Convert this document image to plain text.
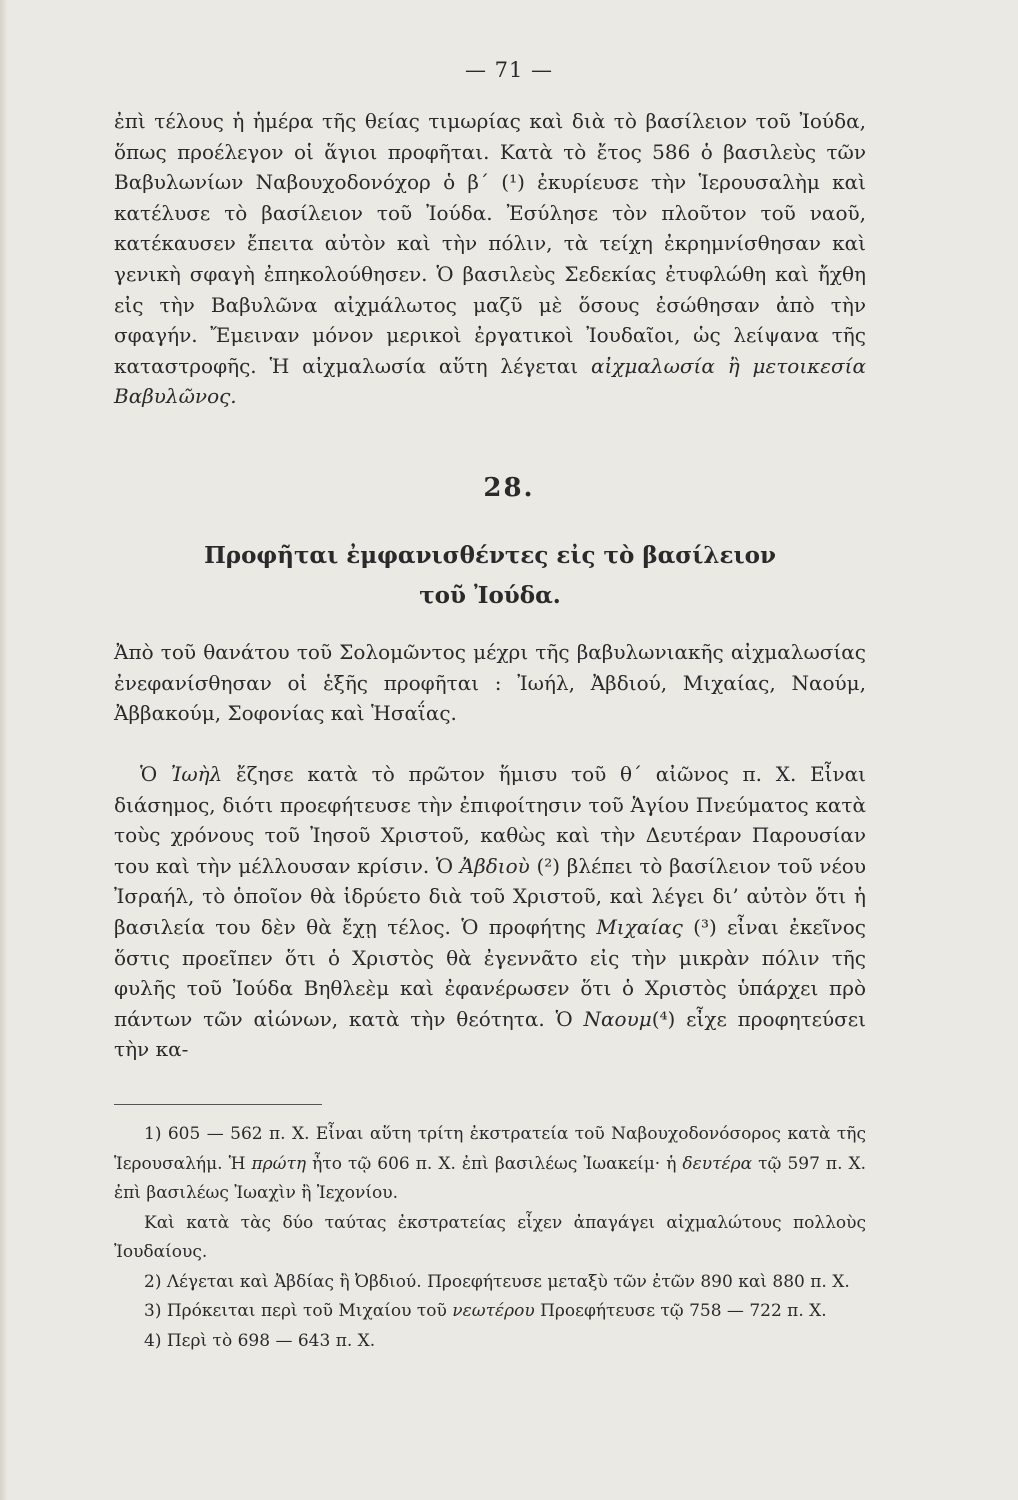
— 71 —

ἐπὶ τέλους ἡ ἡμέρα τῆς θείας τιμωρίας καὶ διὰ τὸ βασίλειον τοῦ Ἰούδα, ὅπως προέλεγον οἱ ἅγιοι προφῆται. Κατὰ τὸ ἔτος 586 ὁ βασιλεὺς τῶν Βαβυλωνίων Ναβουχοδονόχορ ὁ β΄ (¹) ἐκυρίευσε τὴν Ἱερουσαλὴμ καὶ κατέλυσε τὸ βασίλειον τοῦ Ἰούδα. Ἐσύλησε τὸν πλοῦτον τοῦ ναοῦ, κατέκαυσεν ἔπειτα αὐτὸν καὶ τὴν πόλιν, τὰ τείχη ἐκρημνίσθησαν καὶ γενικὴ σφαγὴ ἐπηκολούθησεν. Ὁ βασιλεὺς Σεδεκίας ἐτυφλώθη καὶ ἤχθη εἰς τὴν Βαβυλῶνα αἰχμάλωτος μαζῦ μὲ ὅσους ἐσώθησαν ἀπὸ τὴν σφαγήν. Ἔμειναν μόνον μερικοὶ ἐργατικοὶ Ἰουδαῖοι, ὡς λείψανα τῆς καταστροφῆς. Ἡ αἰχμαλωσία αὕτη λέγεται αἰχμαλωσία ἢ μετοικεσία Βαβυλῶνος.

28.
Προφῆται ἐμφανισθέντες εἰς τὸ βασίλειον
τοῦ Ἰούδα.

Ἀπὸ τοῦ θανάτου τοῦ Σολομῶντος μέχρι τῆς βαβυλωνιακῆς αἰχμαλωσίας ἐνεφανίσθησαν οἱ ἑξῆς προφῆται : Ἰωήλ, Ἀβδιού, Μιχαίας, Ναούμ, Ἀββακούμ, Σοφονίας καὶ Ἡσαΐας.

Ὁ Ἰωὴλ ἔζησε κατὰ τὸ πρῶτον ἥμισυ τοῦ θ΄ αἰῶνος π. Χ. Εἶναι διάσημος, διότι προεφήτευσε τὴν ἐπιφοίτησιν τοῦ Ἁγίου Πνεύματος κατὰ τοὺς χρόνους τοῦ Ἰησοῦ Χριστοῦ, καθὼς καὶ τὴν Δευτέραν Παρουσίαν του καὶ τὴν μέλλουσαν κρίσιν. Ὁ Ἀβδιοὺ (²) βλέπει τὸ βασίλειον τοῦ νέου Ἰσραήλ, τὸ ὁποῖον θὰ ἱδρύετο διὰ τοῦ Χριστοῦ, καὶ λέγει δι’ αὐτὸν ὅτι ἡ βασιλεία του δὲν θὰ ἔχῃ τέλος. Ὁ προφήτης Μιχαίας (³) εἶναι ἐκεῖνος ὅστις προεῖπεν ὅτι ὁ Χριστὸς θὰ ἐγεννᾶτο εἰς τὴν μικρὰν πόλιν τῆς φυλῆς τοῦ Ἰούδα Βηθλεὲμ καὶ ἐφανέρωσεν ὅτι ὁ Χριστὸς ὑπάρχει πρὸ πάντων τῶν αἰώνων, κατὰ τὴν θεότητα. Ὁ Ναουμ(⁴) εἶχε προφητεύσει τὴν κα-

1) 605 — 562 π. Χ. Εἶναι αὕτη τρίτη ἐκστρατεία τοῦ Ναβουχοδονόσορος κατὰ τῆς Ἱερουσαλήμ. Ἡ πρώτη ἦτο τῷ 606 π. Χ. ἐπὶ βασιλέως Ἰωακείμ· ἡ δευτέρα τῷ 597 π. Χ. ἐπὶ βασιλέως Ἰωαχὶν ἢ Ἰεχονίου.

Καὶ κατὰ τὰς δύο ταύτας ἐκστρατείας εἶχεν ἀπαγάγει αἰχμαλώτους πολλοὺς Ἰουδαίους.

2) Λέγεται καὶ Ἀβδίας ἢ Ὀβδιού. Προεφήτευσε μεταξὺ τῶν ἐτῶν 890 καὶ 880 π. Χ.

3) Πρόκειται περὶ τοῦ Μιχαίου τοῦ νεωτέρου Προεφήτευσε τῷ 758 — 722 π. Χ.

4) Περὶ τὸ 698 — 643 π. Χ.
